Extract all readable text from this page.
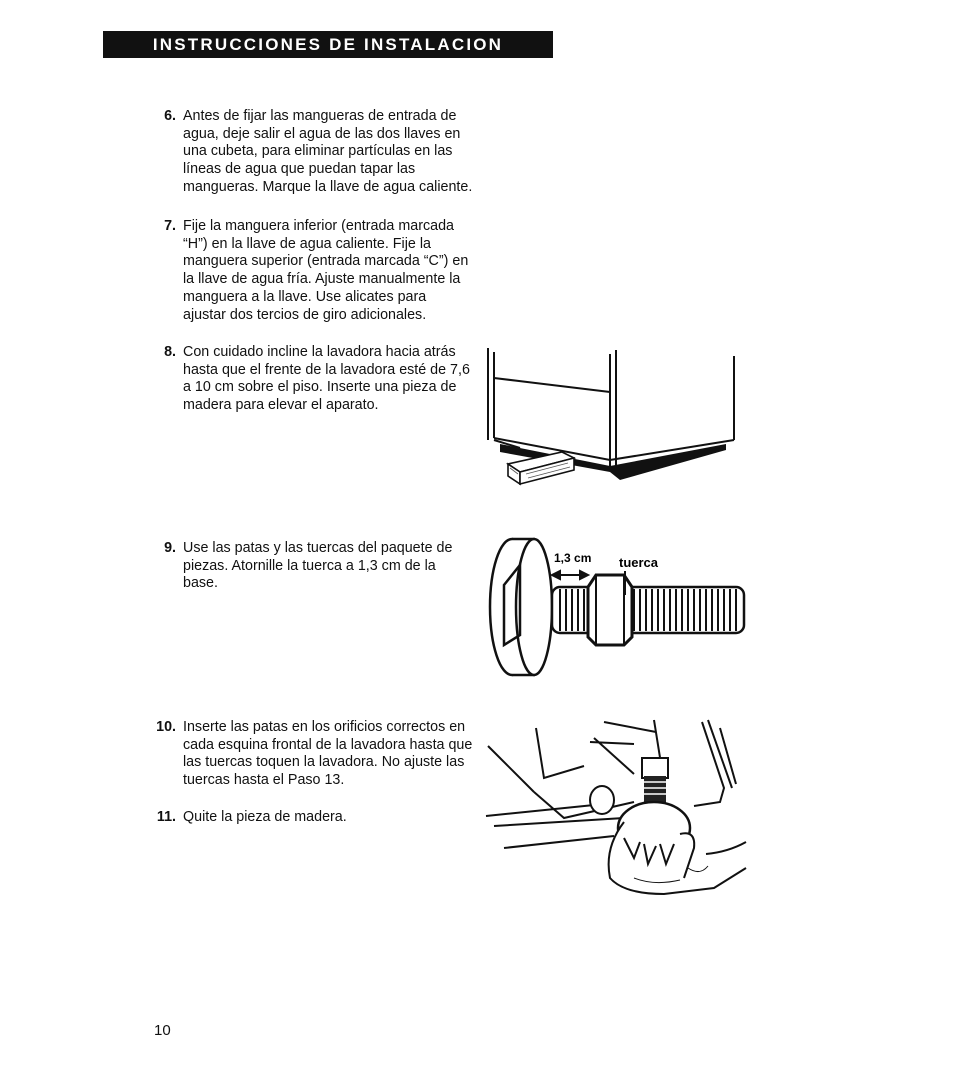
INSTRUCCIONES DE INSTALACION
6. Antes de fijar las mangueras de entrada de agua, deje salir el agua de las dos llaves en una cubeta, para eliminar partículas en las líneas de agua que puedan tapar las mangueras. Marque la llave de agua caliente.
7. Fije la manguera inferior (entrada marcada “H”) en la llave de agua caliente. Fije la manguera superior (entrada marcada “C”) en la llave de agua fría. Ajuste manualmente la manguera a la llave. Use alicates para ajustar dos tercios de giro adicionales.
8. Con cuidado incline la lavadora hacia atrás hasta que el frente de la lavadora esté de 7,6 a 10 cm sobre el piso. Inserte una pieza de madera para elevar el aparato.
9. Use las patas y las tuercas del paquete de piezas. Atornille la tuerca a 1,3 cm de la base.
10. Inserte las patas en los orificios correctos en cada esquina frontal de la lavadora hasta que las tuercas toquen la lavadora. No ajuste las tuercas hasta el Paso 13.
11. Quite la pieza de madera.
1,3 cm tuerca
10
